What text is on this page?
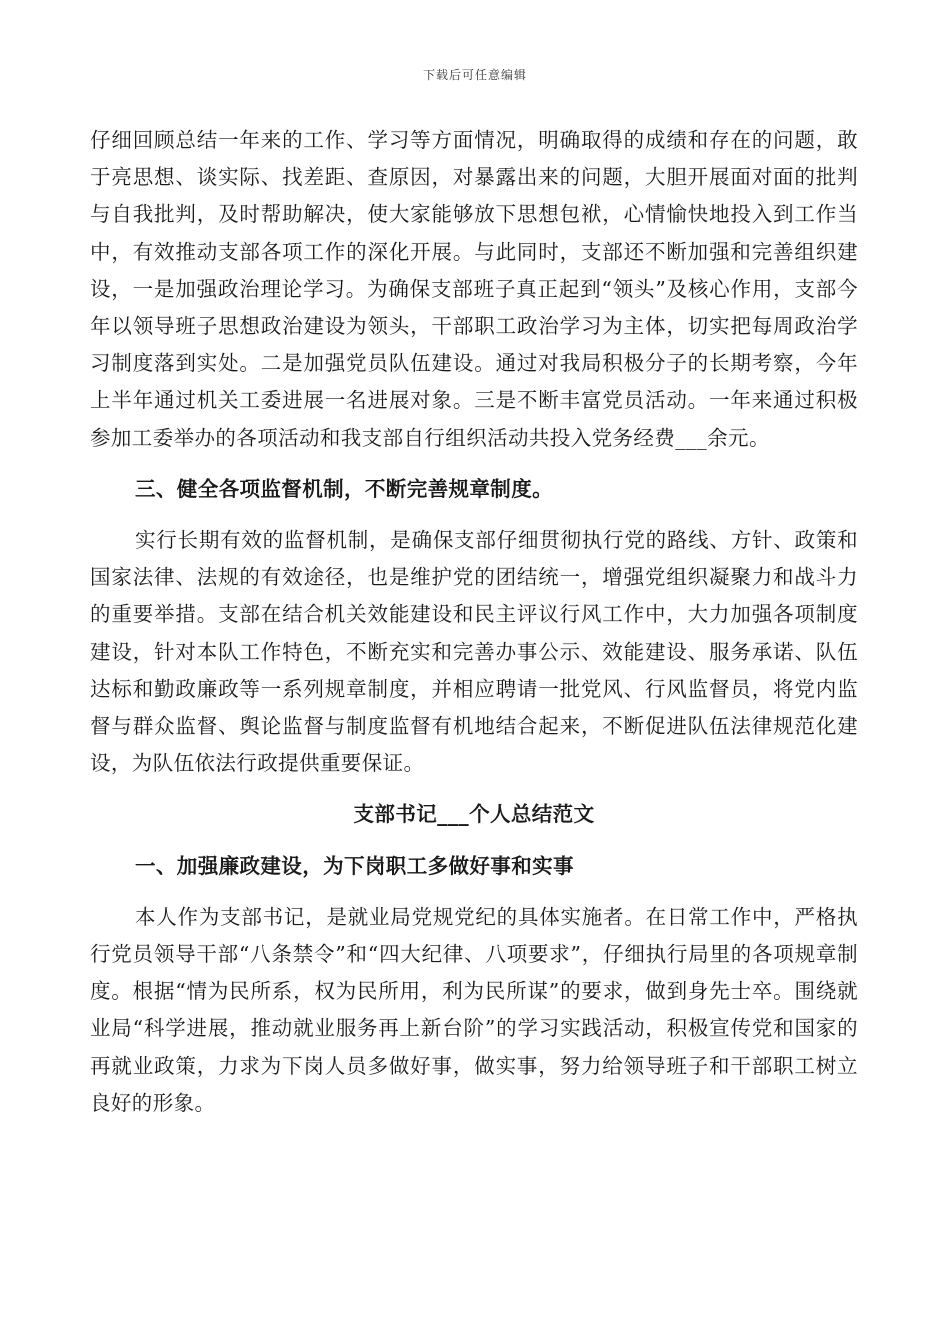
下载后可任意编辑

仔细回顾总结一年来的工作、学习等方面情况，明确取得的成绩和存在的问题，敢于亮思想、谈实际、找差距、查原因，对暴露出来的问题，大胆开展面对面的批判与自我批判，及时帮助解决，使大家能够放下思想包袱，心情愉快地投入到工作当中，有效推动支部各项工作的深化开展。与此同时，支部还不断加强和完善组织建设，一是加强政治理论学习。为确保支部班子真正起到“领头”及核心作用，支部今年以领导班子思想政治建设为领头，干部职工政治学习为主体，切实把每周政治学习制度落到实处。二是加强党员队伍建设。通过对我局积极分子的长期考察，今年上半年通过机关工委进展一名进展对象。三是不断丰富党员活动。一年来通过积极参加工委举办的各项活动和我支部自行组织活动共投入党务经费___余元。

三、健全各项监督机制，不断完善规章制度。

实行长期有效的监督机制，是确保支部仔细贯彻执行党的路线、方针、政策和国家法律、法规的有效途径，也是维护党的团结统一，增强党组织凝聚力和战斗力的重要举措。支部在结合机关效能建设和民主评议行风工作中，大力加强各项制度建设，针对本队工作特色，不断充实和完善办事公示、效能建设、服务承诺、队伍达标和勤政廉政等一系列规章制度，并相应聘请一批党风、行风监督员，将党内监督与群众监督、舆论监督与制度监督有机地结合起来，不断促进队伍法律规范化建设，为队伍依法行政提供重要保证。

支部书记___个人总结范文

一、加强廉政建设，为下岗职工多做好事和实事

本人作为支部书记，是就业局党规党纪的具体实施者。在日常工作中，严格执行党员领导干部“八条禁令”和“四大纪律、八项要求”，仔细执行局里的各项规章制度。根据“情为民所系，权为民所用，利为民所谋”的要求，做到身先士卒。围绕就业局“科学进展，推动就业服务再上新台阶”的学习实践活动，积极宣传党和国家的再就业政策，力求为下岗人员多做好事，做实事，努力给领导班子和干部职工树立良好的形象。
